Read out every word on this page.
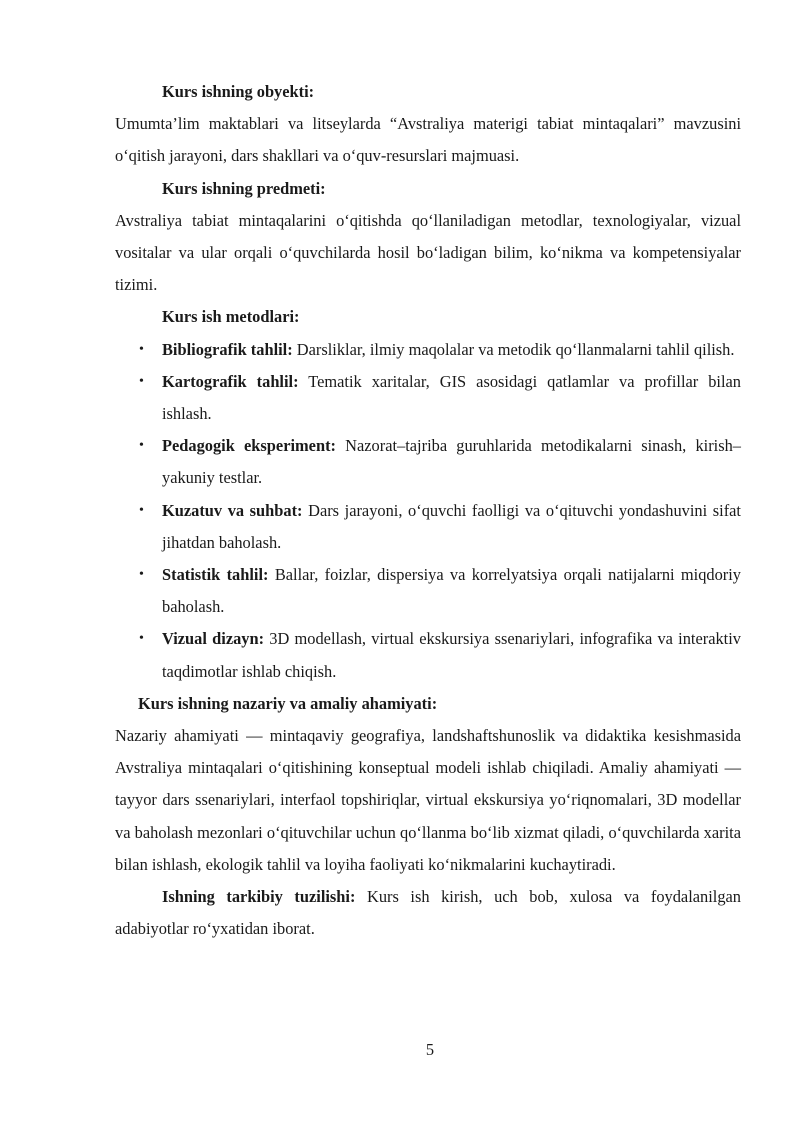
Kurs ishning obyekti:

Umumta’lim maktablari va litseylarda “Avstraliya materigi tabiat mintaqalari” mavzusini o‘qitish jarayoni, dars shakllari va o‘quv-resurslari majmuasi.

Kurs ishning predmeti:

Avstraliya tabiat mintaqalarini o‘qitishda qo‘llaniladigan metodlar, texnologiyalar, vizual vositalar va ular orqali o‘quvchilarda hosil bo‘ladigan bilim, ko‘nikma va kompetensiyalar tizimi.

Kurs ish metodlari:

• Bibliografik tahlil: Darsliklar, ilmiy maqolalar va metodik qo‘llanmalarni tahlil qilish.
• Kartografik tahlil: Tematik xaritalar, GIS asosidagi qatlamlar va profillar bilan ishlash.
• Pedagogik eksperiment: Nazorat–tajriba guruhlarida metodikalarni sinash, kirish–yakuniy testlar.
• Kuzatuv va suhbat: Dars jarayoni, o‘quvchi faolligi va o‘qituvchi yondashuvini sifat jihatdan baholash.
• Statistik tahlil: Ballar, foizlar, dispersiya va korrelyatsiya orqali natijalarni miqdoriy baholash.
• Vizual dizayn: 3D modellash, virtual ekskursiya ssenariylari, infografika va interaktiv taqdimotlar ishlab chiqish.

Kurs ishning nazariy va amaliy ahamiyati:

Nazariy ahamiyati — mintaqaviy geografiya, landshaftshunoslik va didaktika kesishmasida Avstraliya mintaqalari o‘qitishining konseptual modeli ishlab chiqiladi. Amaliy ahamiyati — tayyor dars ssenariylari, interfaol topshiriqlar, virtual ekskursiya yo‘riqnomalari, 3D modellar va baholash mezonlari o‘qituvchilar uchun qo‘llanma bo‘lib xizmat qiladi, o‘quvchilarda xarita bilan ishlash, ekologik tahlil va loyiha faoliyati ko‘nikmalarini kuchaytiradi.

Ishning tarkibiy tuzilishi: Kurs ish kirish, uch bob, xulosa va foydalanilgan adabiyotlar ro‘yxatidan iborat.

5
